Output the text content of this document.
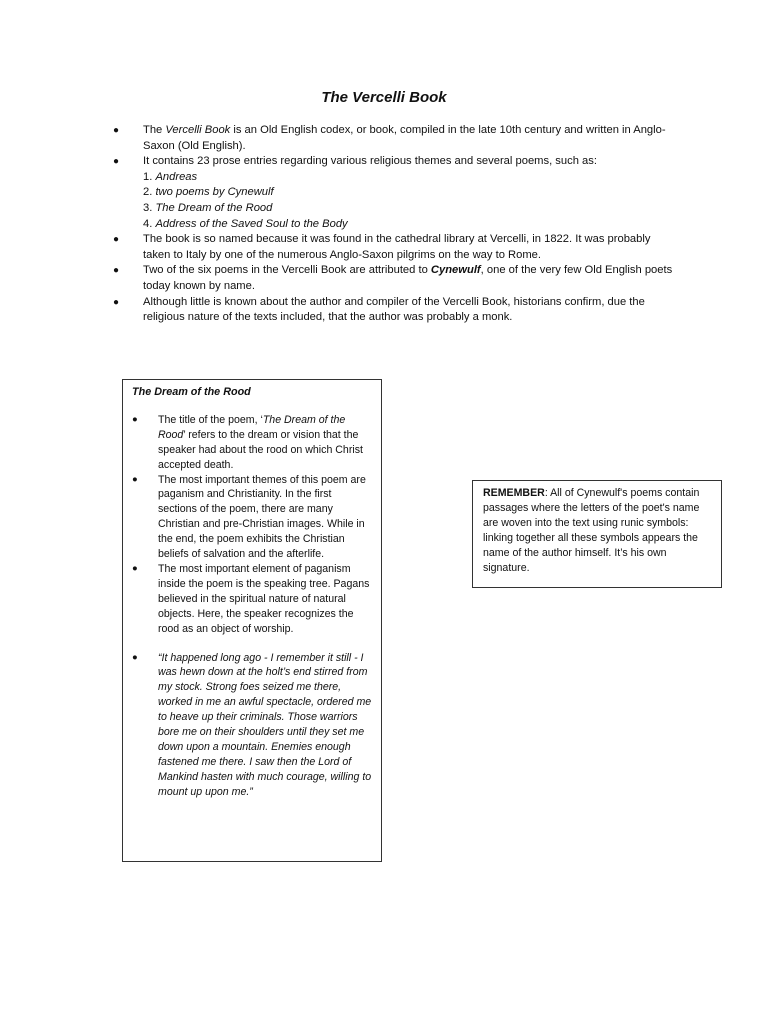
The Vercelli Book
● The Vercelli Book is an Old English codex, or book, compiled in the late 10th century and written in Anglo-Saxon (Old English).
● It contains 23 prose entries regarding various religious themes and several poems, such as:
1. Andreas
2. two poems by Cynewulf
3. The Dream of the Rood
4. Address of the Saved Soul to the Body
● The book is so named because it was found in the cathedral library at Vercelli, in 1822. It was probably taken to Italy by one of the numerous Anglo-Saxon pilgrims on the way to Rome.
● Two of the six poems in the Vercelli Book are attributed to Cynewulf, one of the very few Old English poets today known by name.
● Although little is known about the author and compiler of the Vercelli Book, historians confirm, due the religious nature of the texts included, that the author was probably a monk.

The Dream of the Rood

● The title of the poem, ‘The Dream of the Rood’ refers to the dream or vision that the speaker had about the rood on which Christ accepted death.
● The most important themes of this poem are paganism and Christianity. In the first sections of the poem, there are many Christian and pre-Christian images. While in the end, the poem exhibits the Christian beliefs of salvation and the afterlife.
● The most important element of paganism inside the poem is the speaking tree. Pagans believed in the spiritual nature of natural objects. Here, the speaker recognizes the rood as an object of worship.
● “It happened long ago - I remember it still - I was hewn down at the holt’s end stirred from my stock. Strong foes seized me there, worked in me an awful spectacle, ordered me to heave up their criminals. Those warriors bore me on their shoulders until they set me down upon a mountain. Enemies enough fastened me there. I saw then the Lord of Mankind hasten with much courage, willing to mount up upon me.”
REMEMBER: All of Cynewulf's poems contain passages where the letters of the poet's name are woven into the text using runic symbols: linking together all these symbols appears the name of the author himself. It’s his own signature.
